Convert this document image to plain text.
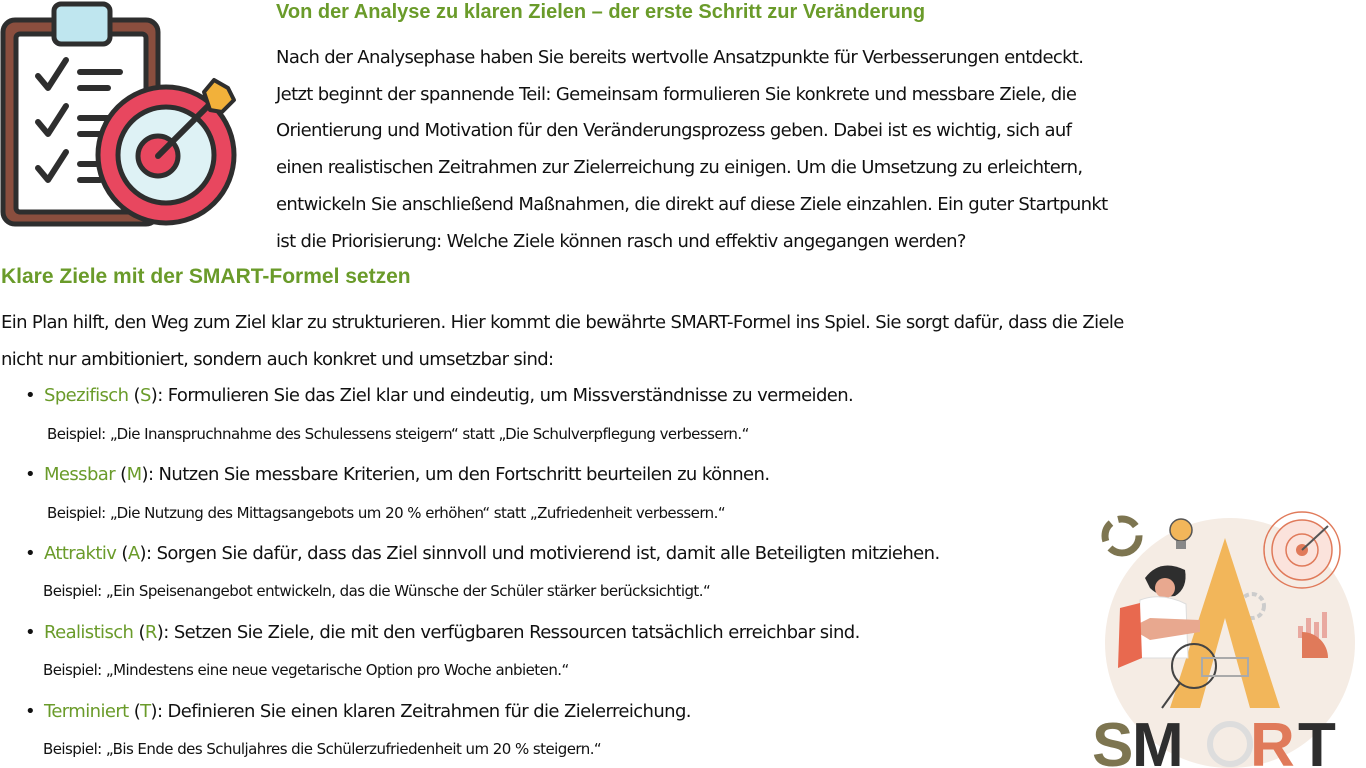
Von der Analyse zu klaren Zielen – der erste Schritt zur Veränderung

Nach der Analysephase haben Sie bereits wertvolle Ansatzpunkte für Verbesserungen entdeckt.
Jetzt beginnt der spannende Teil: Gemeinsam formulieren Sie konkrete und messbare Ziele, die
Orientierung und Motivation für den Veränderungsprozess geben. Dabei ist es wichtig, sich auf
einen realistischen Zeitrahmen zur Zielerreichung zu einigen. Um die Umsetzung zu erleichtern,
entwickeln Sie anschließend Maßnahmen, die direkt auf diese Ziele einzahlen. Ein guter Startpunkt
ist die Priorisierung: Welche Ziele können rasch und effektiv angegangen werden?

Klare Ziele mit der SMART-Formel setzen

Ein Plan hilft, den Weg zum Ziel klar zu strukturieren. Hier kommt die bewährte SMART-Formel ins Spiel. Sie sorgt dafür, dass die Ziele
nicht nur ambitioniert, sondern auch konkret und umsetzbar sind:

• Spezifisch (S): Formulieren Sie das Ziel klar und eindeutig, um Missverständnisse zu vermeiden.
Beispiel: „Die Inanspruchnahme des Schulessens steigern“ statt „Die Schulverpflegung verbessern.“
• Messbar (M): Nutzen Sie messbare Kriterien, um den Fortschritt beurteilen zu können.
Beispiel: „Die Nutzung des Mittagsangebots um 20 % erhöhen“ statt „Zufriedenheit verbessern.“
• Attraktiv (A): Sorgen Sie dafür, dass das Ziel sinnvoll und motivierend ist, damit alle Beteiligten mitziehen.
Beispiel: „Ein Speisenangebot entwickeln, das die Wünsche der Schüler stärker berücksichtigt.“
• Realistisch (R): Setzen Sie Ziele, die mit den verfügbaren Ressourcen tatsächlich erreichbar sind.
Beispiel: „Mindestens eine neue vegetarische Option pro Woche anbieten.“
• Terminiert (T): Definieren Sie einen klaren Zeitrahmen für die Zielerreichung.
Beispiel: „Bis Ende des Schuljahres die Schülerzufriedenheit um 20 % steigern.“	S
M R T
